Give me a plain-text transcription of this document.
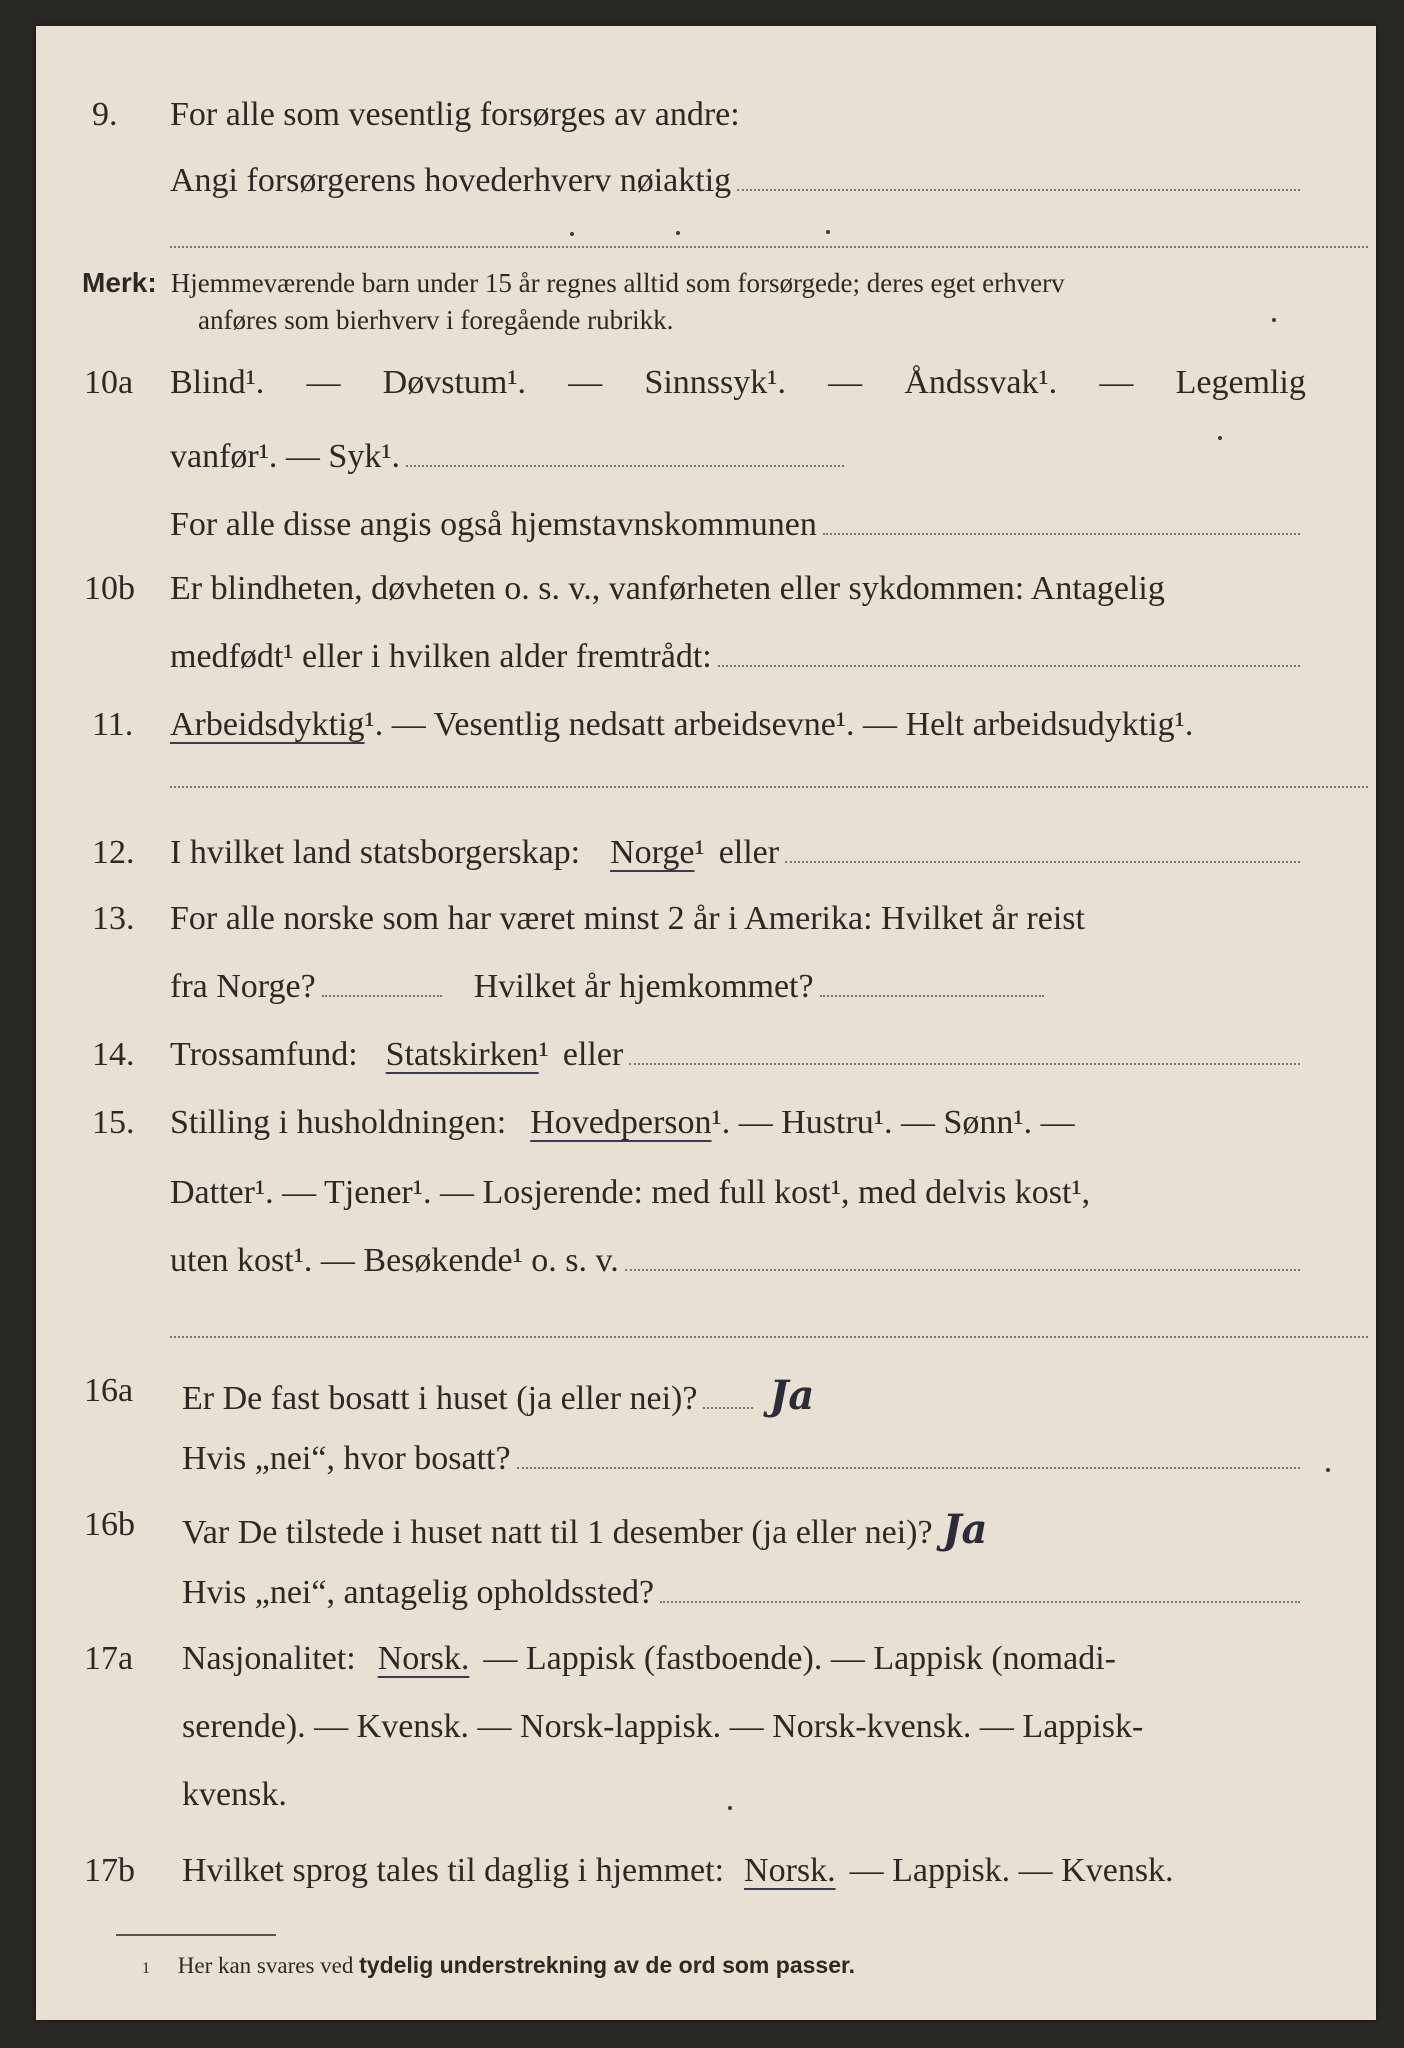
9. For alle som vesentlig forsørges av andre:
Angi forsørgerens hovederhverv nøiaktig
Merk: Hjemmeværende barn under 15 år regnes alltid som forsørgede; deres eget erhverv
anføres som bierhverv i foregående rubrikk.
10a Blind¹. — Døvstum¹. — Sinnssyk¹. — Åndssvak¹. — Legemlig
vanfør¹. — Syk¹.
For alle disse angis også hjemstavnskommunen
10b Er blindheten, døvheten o. s. v., vanførheten eller sykdommen: Antagelig
medfødt¹ eller i hvilken alder fremtrådt:
11. Arbeidsdyktig ¹. — Vesentlig nedsatt arbeidsevne¹. — Helt arbeidsudyktig¹.
12. I hvilket land statsborgerskap: Norge ¹ eller
13. For alle norske som har været minst 2 år i Amerika: Hvilket år reist
fra Norge?	Hvilket år hjemkommet?
14. Trossamfund: Statskirken ¹ eller
15. Stilling i husholdningen: Hovedperson ¹. — Hustru¹. — Sønn¹. —
Datter¹. — Tjener¹. — Losjerende: med full kost¹, med delvis kost¹,
uten kost¹. — Besøkende¹ o. s. v.
16a Er De fast bosatt i huset (ja eller nei)? Ja
Hvis „nei“, hvor bosatt?
16b Var De tilstede i huset natt til 1 desember (ja eller nei)? Ja
Hvis „nei“, antagelig opholdssted?
17a Nasjonalitet: Norsk. — Lappisk (fastboende). — Lappisk (nomadi-
serende). — Kvensk. — Norsk-lappisk. — Norsk-kvensk. — Lappisk-
kvensk.
17b Hvilket sprog tales til daglig i hjemmet: Norsk. — Lappisk. — Kvensk.
1 Her kan svares ved tydelig understrekning av de ord som passer.
